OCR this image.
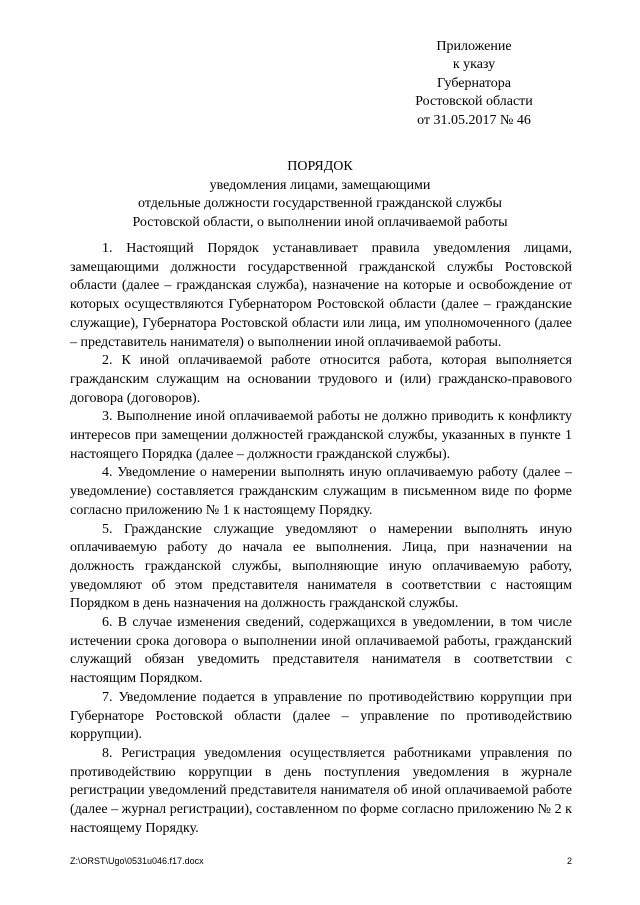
Приложение
к указу
Губернатора
Ростовской области
от 31.05.2017 № 46
ПОРЯДОК
уведомления лицами, замещающими
отдельные должности государственной гражданской службы
Ростовской области, о выполнении иной оплачиваемой работы

1. Настоящий Порядок устанавливает правила уведомления лицами, замещающими должности государственной гражданской службы Ростовской области (далее – гражданская служба), назначение на которые и освобождение от которых осуществляются Губернатором Ростовской области (далее – гражданские служащие), Губернатора Ростовской области или лица, им уполномоченного (далее – представитель нанимателя) о выполнении иной оплачиваемой работы.

2. К иной оплачиваемой работе относится работа, которая выполняется гражданским служащим на основании трудового и (или) гражданско-правового договора (договоров).

3. Выполнение иной оплачиваемой работы не должно приводить к конфликту интересов при замещении должностей гражданской службы, указанных в пункте 1 настоящего Порядка (далее – должности гражданской службы).

4. Уведомление о намерении выполнять иную оплачиваемую работу (далее – уведомление) составляется гражданским служащим в письменном виде по форме согласно приложению № 1 к настоящему Порядку.

5. Гражданские служащие уведомляют о намерении выполнять иную оплачиваемую работу до начала ее выполнения. Лица, при назначении на должность гражданской службы, выполняющие иную оплачиваемую работу, уведомляют об этом представителя нанимателя в соответствии с настоящим Порядком в день назначения на должность гражданской службы.

6. В случае изменения сведений, содержащихся в уведомлении, в том числе истечении срока договора о выполнении иной оплачиваемой работы, гражданский служащий обязан уведомить представителя нанимателя в соответствии с настоящим Порядком.

7. Уведомление подается в управление по противодействию коррупции при Губернаторе Ростовской области (далее – управление по противодействию коррупции).

8. Регистрация уведомления осуществляется работниками управления по противодействию коррупции в день поступления уведомления в журнале регистрации уведомлений представителя нанимателя об иной оплачиваемой работе (далее – журнал регистрации), составленном по форме согласно приложению № 2 к настоящему Порядку.

Z:\ORST\Ugo\0531u046.f17.docx	2
